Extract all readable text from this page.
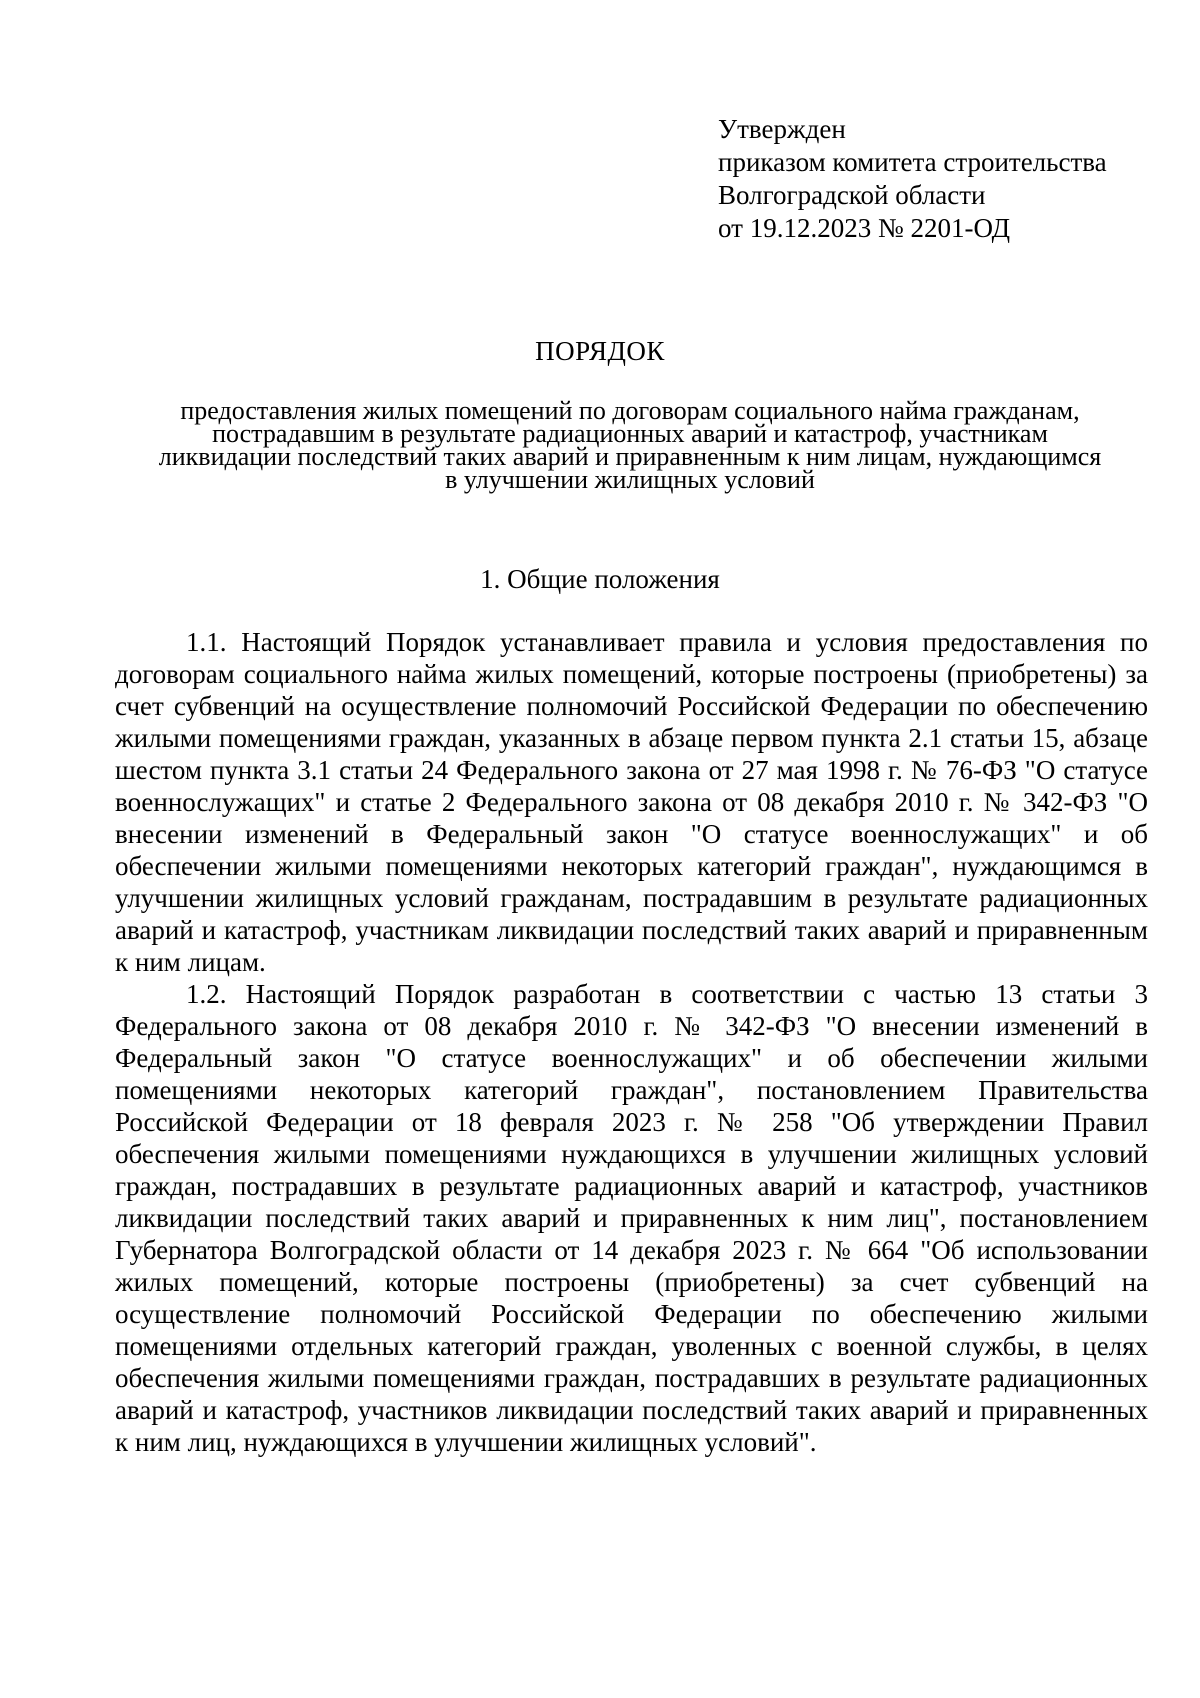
Утвержден
приказом комитета строительства
Волгоградской области
от 19.12.2023 № 2201-ОД
ПОРЯДОК
предоставления жилых помещений по договорам социального найма гражданам,
пострадавшим в результате радиационных аварий и катастроф, участникам
ликвидации последствий таких аварий и приравненным к ним лицам, нуждающимся
в улучшении жилищных условий
1. Общие положения

1.1. Настоящий Порядок устанавливает правила и условия предоставления по договорам социального найма жилых помещений, которые построены (приобретены) за счет субвенций на осуществление полномочий Российской Федерации по обеспечению жилыми помещениями граждан, указанных в абзаце первом пункта 2.1 статьи 15, абзаце шестом пункта 3.1 статьи 24 Федерального закона от 27 мая 1998 г. № 76-ФЗ "О статусе военнослужащих" и статье 2 Федерального закона от 08 декабря 2010 г. № 342-ФЗ "О внесении изменений в Федеральный закон "О статусе военнослужащих" и об обеспечении жилыми помещениями некоторых категорий граждан", нуждающимся в улучшении жилищных условий гражданам, пострадавшим в результате радиационных аварий и катастроф, участникам ликвидации последствий таких аварий и приравненным к ним лицам.

1.2. Настоящий Порядок разработан в соответствии с частью 13 статьи 3 Федерального закона от 08 декабря 2010 г. № 342-ФЗ "О внесении изменений в Федеральный закон "О статусе военнослужащих" и об обеспечении жилыми помещениями некоторых категорий граждан", постановлением Правительства Российской Федерации от 18 февраля 2023 г. № 258 "Об утверждении Правил обеспечения жилыми помещениями нуждающихся в улучшении жилищных условий граждан, пострадавших в результате радиационных аварий и катастроф, участников ликвидации последствий таких аварий и приравненных к ним лиц", постановлением Губернатора Волгоградской области от 14 декабря 2023 г. № 664 "Об использовании жилых помещений, которые построены (приобретены) за счет субвенций на осуществление полномочий Российской Федерации по обеспечению жилыми помещениями отдельных категорий граждан, уволенных с военной службы, в целях обеспечения жилыми помещениями граждан, пострадавших в результате радиационных аварий и катастроф, участников ликвидации последствий таких аварий и приравненных к ним лиц, нуждающихся в улучшении жилищных условий".
